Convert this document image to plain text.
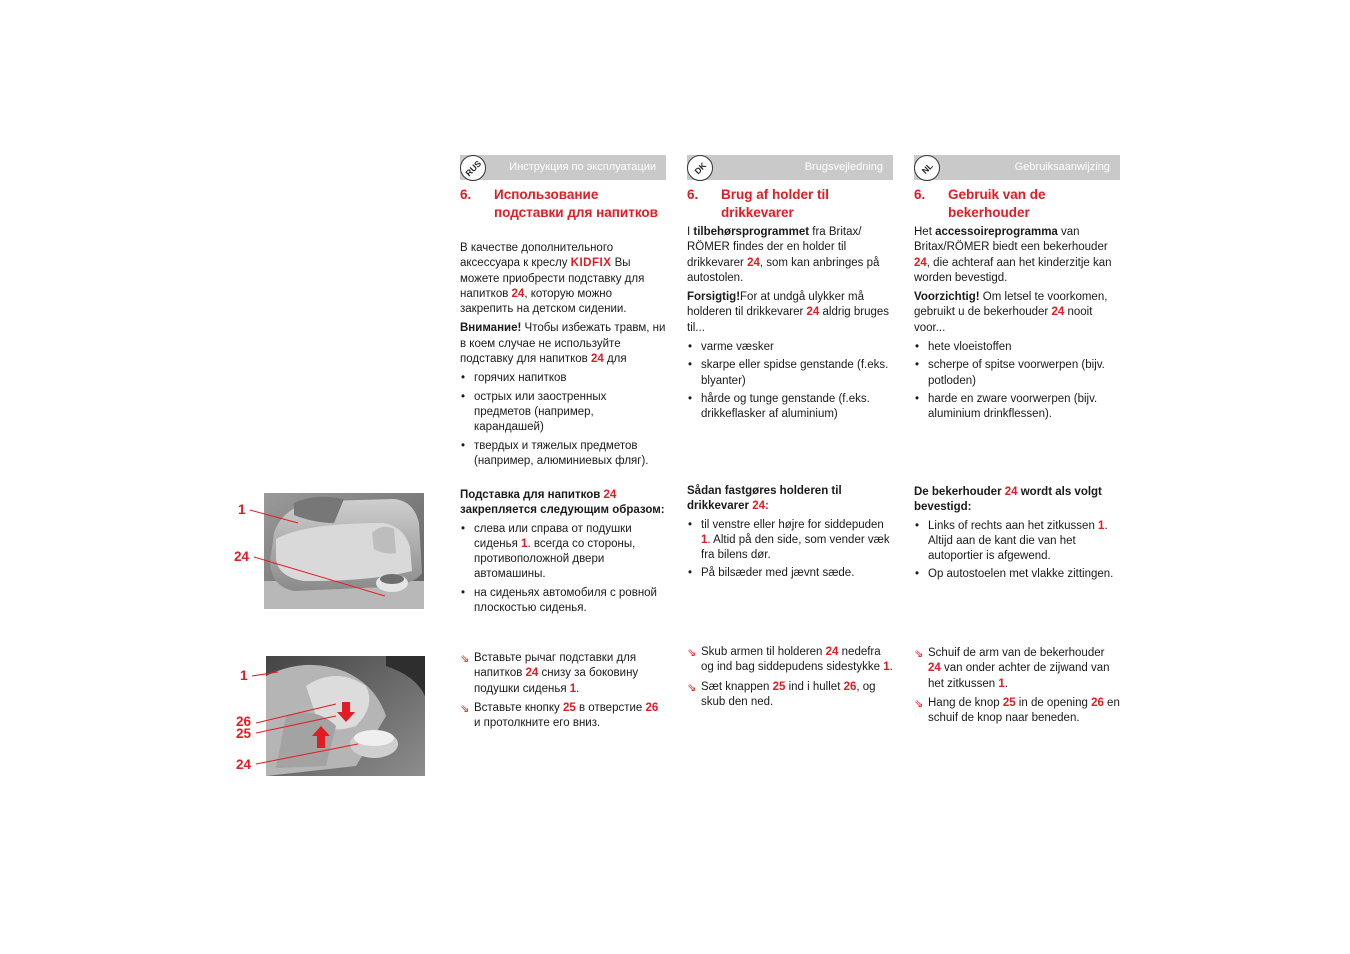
RUS	Инструкция по эксплуатации	DK	Brugsvejledning	NL	Gebruiksaanwijzing
6. Использование подставки для напитков
6. Brug af holder til drikkevarer
6. Gebruik van de bekerhouder

В качестве дополнительного аксессуара к креслу KIDFIX Вы можете приобрести подставку для напитков 24, которую можно закрепить на детском сидении.

Внимание! Чтобы избежать травм, ни в коем случае не используйте подставку для напитков 24 для

• горячих напитков
• острых или заостренных предметов (например, карандашей)
• твердых и тяжелых предметов (например, алюминиевых фляг).

I tilbehørsprogrammet fra Britax/ RÖMER findes der en holder til drikkevarer 24, som kan anbringes på autostolen.

Forsigtig!For at undgå ulykker må holderen til drikkevarer 24 aldrig bruges til...

• varme væsker
• skarpe eller spidse genstande (f.eks. blyanter)
• hårde og tunge genstande (f.eks. drikkeflasker af aluminium)

Het accessoireprogramma van Britax/RÖMER biedt een bekerhouder 24, die achteraf aan het kinderzitje kan worden bevestigd.

Voorzichtig! Om letsel te voorkomen, gebruikt u de bekerhouder 24 nooit voor...

• hete vloeistoffen
• scherpe of spitse voorwerpen (bijv. potloden)
• harde en zware voorwerpen (bijv. aluminium drinkflessen).

Подставка для напитков 24 закрепляется следующим образом:

• слева или справа от подушки сиденья 1. всегда со стороны, противоположной двери автомашины.
• на сиденьях автомобиля с ровной плоскостью сиденья.

Sådan fastgøres holderen til drikkevarer 24:

• til venstre eller højre for siddepuden 1. Altid på den side, som vender væk fra bilens dør.
• På bilsæder med jævnt sæde.

De bekerhouder 24 wordt als volgt bevestigd:

• Links of rechts aan het zitkussen 1. Altijd aan de kant die van het autoportier is afgewend.
• Op autostoelen met vlakke zittingen.
⇘ Вставьте рычаг подставки для напитков 24 снизу за боковину подушки сиденья 1.
⇘ Вставьте кнопку 25 в отверстие 26 и протолкните его вниз.
⇘ Skub armen til holderen 24 nedefra og ind bag siddepudens sidestykke 1.
⇘ Sæt knappen 25 ind i hullet 26, og skub den ned.
⇘ Schuif de arm van de bekerhouder 24 van onder achter de zijwand van het zitkussen 1.
⇘ Hang de knop 25 in de opening 26 en schuif de knop naar beneden.
1
24
1
26
25
24
